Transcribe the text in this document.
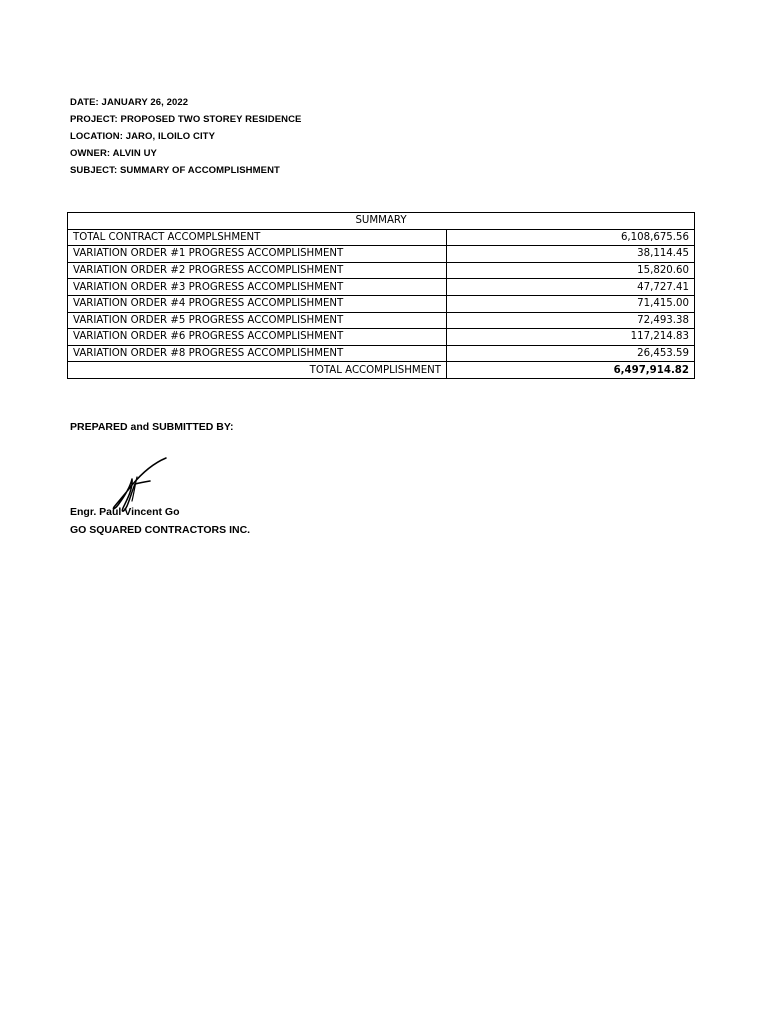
DATE: JANUARY 26, 2022
PROJECT: PROPOSED TWO STOREY RESIDENCE
LOCATION: JARO, ILOILO CITY
OWNER: ALVIN UY
SUBJECT: SUMMARY OF ACCOMPLISHMENT
SUMMARY	
TOTAL CONTRACT ACCOMPLSHMENT	6,108,675.56
VARIATION ORDER #1 PROGRESS ACCOMPLISHMENT	38,114.45
VARIATION ORDER #2 PROGRESS ACCOMPLISHMENT	15,820.60
VARIATION ORDER #3 PROGRESS ACCOMPLISHMENT	47,727.41
VARIATION ORDER #4 PROGRESS ACCOMPLISHMENT	71,415.00
VARIATION ORDER #5 PROGRESS ACCOMPLISHMENT	72,493.38
VARIATION ORDER #6 PROGRESS ACCOMPLISHMENT	117,214.83
VARIATION ORDER #8 PROGRESS ACCOMPLISHMENT	26,453.59
TOTAL ACCOMPLISHMENT	6,497,914.82
PREPARED and SUBMITTED BY:
Engr. Paul Vincent Go
GO SQUARED CONTRACTORS INC.
